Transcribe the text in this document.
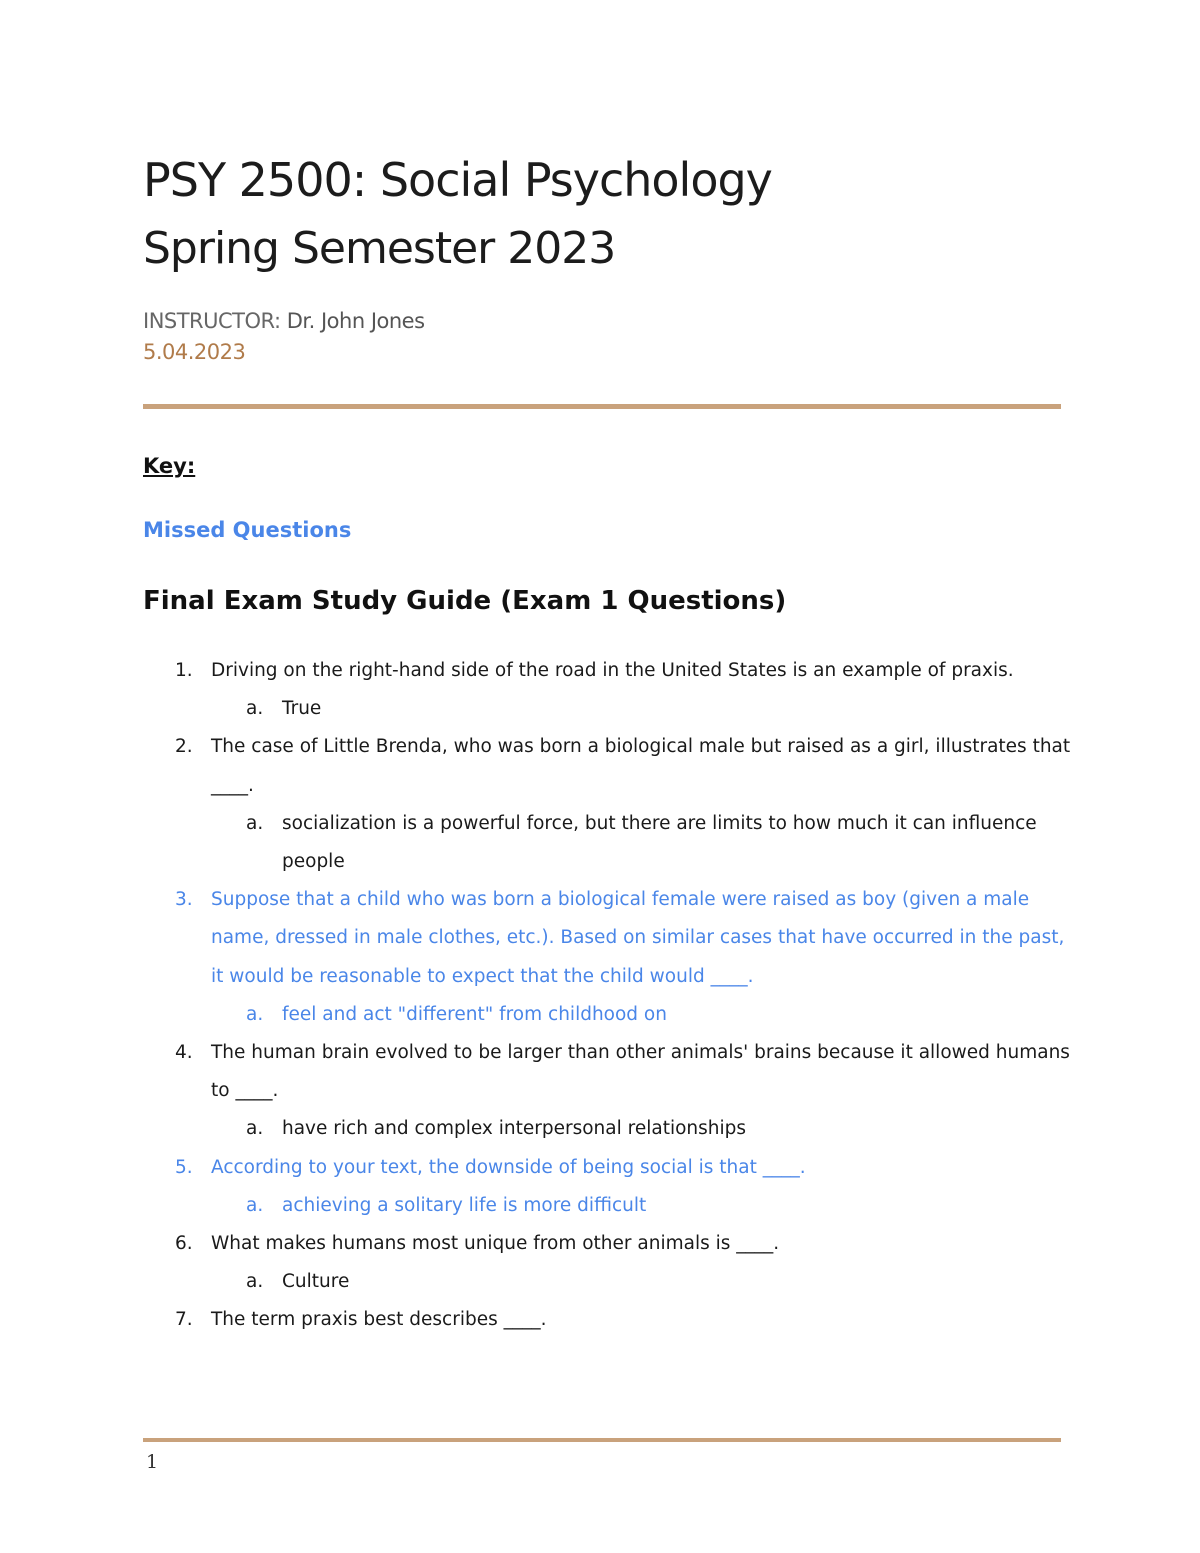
PSY 2500: Social Psychology
Spring Semester 2023
INSTRUCTOR: Dr. John Jones
5.04.2023
Key:
Missed Questions
Final Exam Study Guide (Exam 1 Questions)
1. Driving on the right-hand side of the road in the United States is an example of praxis.
a. True
2. The case of Little Brenda, who was born a biological male but raised as a girl, illustrates that ____.
a. socialization is a powerful force, but there are limits to how much it can influence people
3. Suppose that a child who was born a biological female were raised as boy (given a male name, dressed in male clothes, etc.). Based on similar cases that have occurred in the past, it would be reasonable to expect that the child would ____.
a. feel and act "different" from childhood on
4. The human brain evolved to be larger than other animals' brains because it allowed humans to ____.
a. have rich and complex interpersonal relationships
5. According to your text, the downside of being social is that ____.
a. achieving a solitary life is more difficult
6. What makes humans most unique from other animals is ____.
a. Culture
7. The term praxis best describes ____.
1
